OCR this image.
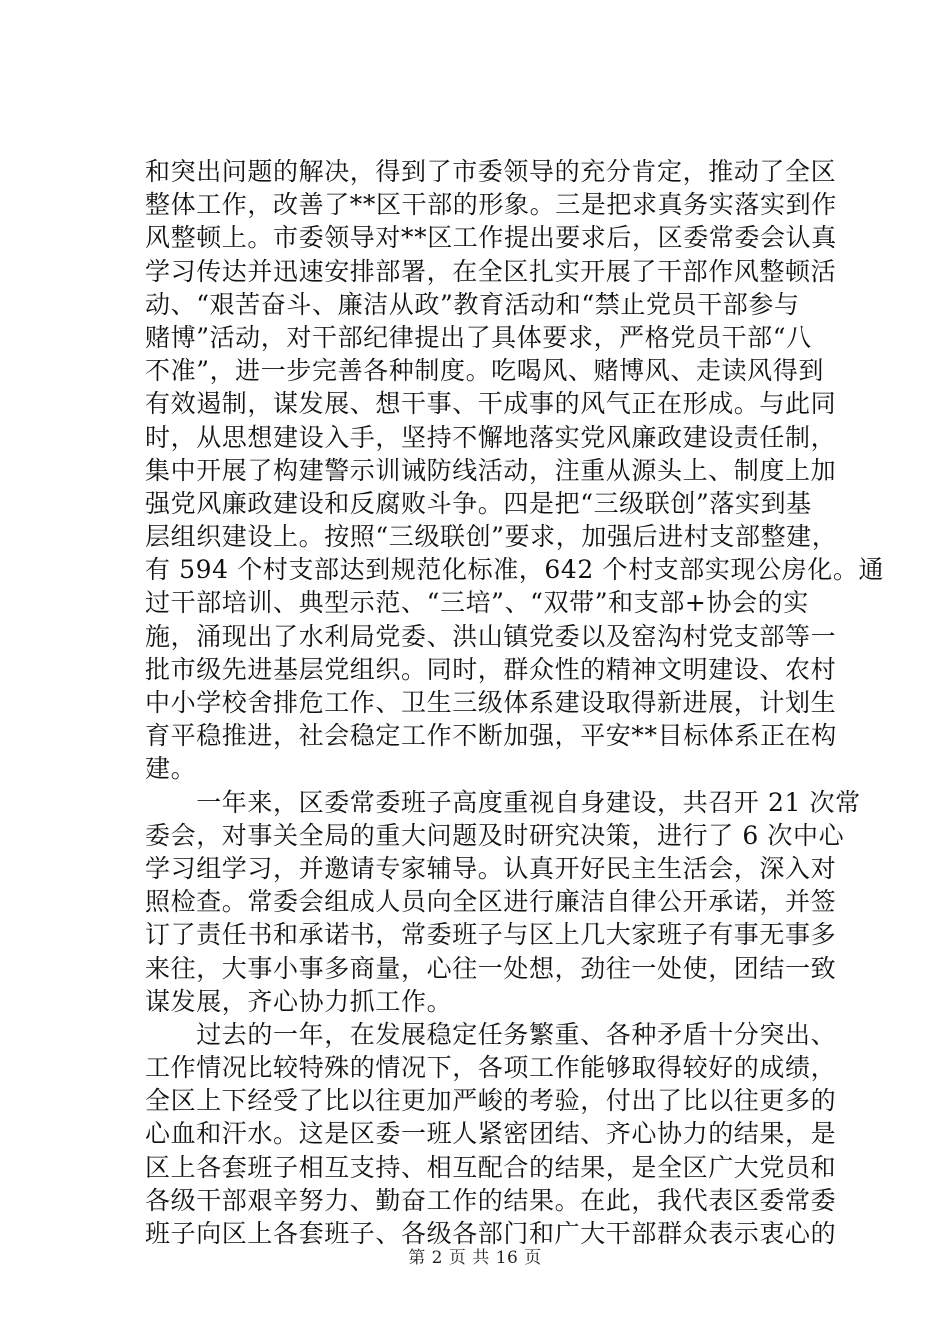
和突出问题的解决，得到了市委领导的充分肯定，推动了全区
整体工作，改善了**区干部的形象。三是把求真务实落实到作
风整顿上。市委领导对**区工作提出要求后，区委常委会认真
学习传达并迅速安排部署，在全区扎实开展了干部作风整顿活
动、“艰苦奋斗、廉洁从政”教育活动和“禁止党员干部参与
赌博”活动，对干部纪律提出了具体要求，严格党员干部“八
不准”，进一步完善各种制度。吃喝风、赌博风、走读风得到
有效遏制，谋发展、想干事、干成事的风气正在形成。与此同
时，从思想建设入手，坚持不懈地落实党风廉政建设责任制，
集中开展了构建警示训诫防线活动，注重从源头上、制度上加
强党风廉政建设和反腐败斗争。四是把“三级联创”落实到基
层组织建设上。按照“三级联创”要求，加强后进村支部整建，
有 594 个村支部达到规范化标准，642 个村支部实现公房化。通
过干部培训、典型示范、“三培”、“双带”和支部+协会的实
施，涌现出了水利局党委、洪山镇党委以及窑沟村党支部等一
批市级先进基层党组织。同时，群众性的精神文明建设、农村
中小学校舍排危工作、卫生三级体系建设取得新进展，计划生
育平稳推进，社会稳定工作不断加强，平安**目标体系正在构
建。
　　一年来，区委常委班子高度重视自身建设，共召开 21 次常
委会，对事关全局的重大问题及时研究决策，进行了 6 次中心
学习组学习，并邀请专家辅导。认真开好民主生活会，深入对
照检查。常委会组成人员向全区进行廉洁自律公开承诺，并签
订了责任书和承诺书，常委班子与区上几大家班子有事无事多
来往，大事小事多商量，心往一处想，劲往一处使，团结一致
谋发展，齐心协力抓工作。
　　过去的一年，在发展稳定任务繁重、各种矛盾十分突出、
工作情况比较特殊的情况下，各项工作能够取得较好的成绩，
全区上下经受了比以往更加严峻的考验，付出了比以往更多的
心血和汗水。这是区委一班人紧密团结、齐心协力的结果，是
区上各套班子相互支持、相互配合的结果，是全区广大党员和
各级干部艰辛努力、勤奋工作的结果。在此，我代表区委常委
班子向区上各套班子、各级各部门和广大干部群众表示衷心的
第 2 页 共 16 页
